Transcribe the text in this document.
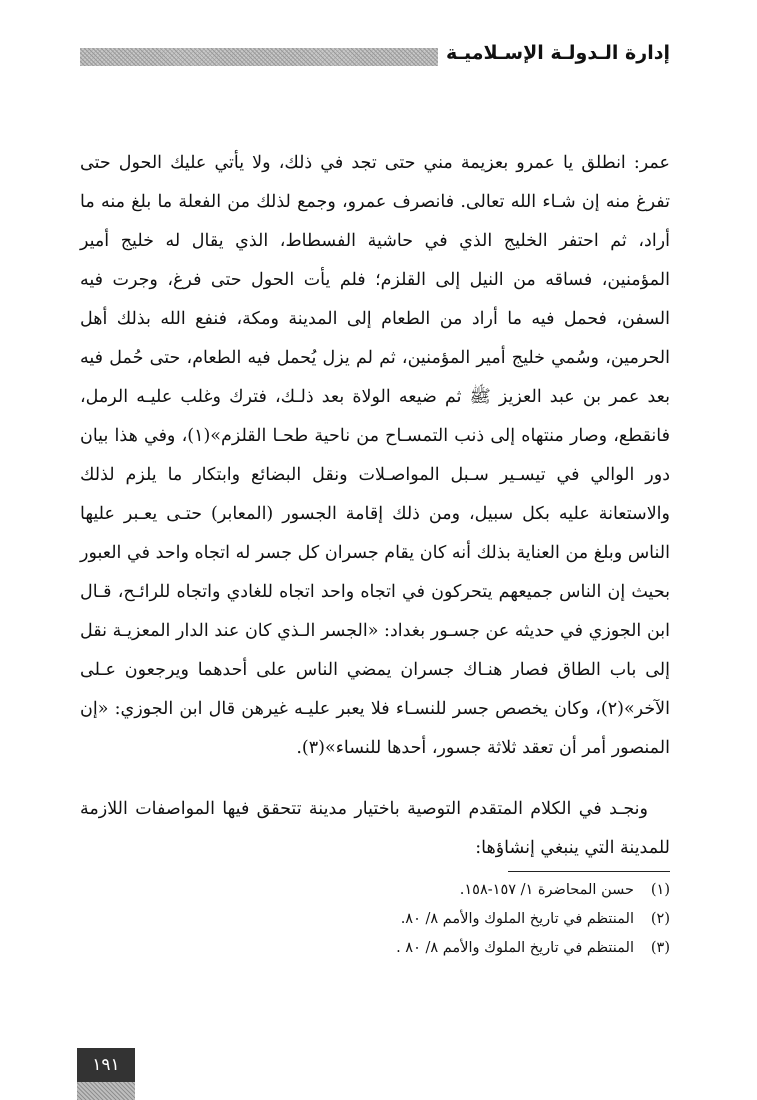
إدارة الـدولـة الإسـلاميـة

عمر: انطلق يا عمرو بعزيمة مني حتى تجد في ذلك، ولا يأتي عليك الحول حتى تفرغ منه إن شـاء الله تعالى. فانصرف عمرو، وجمع لذلك من الفعلة ما بلغ منه ما أراد، ثم احتفر الخليج الذي في حاشية الفسطاط، الذي يقال له خليج أمير المؤمنين، فساقه من النيل إلى القلزم؛ فلم يأت الحول حتى فرغ، وجرت فيه السفن، فحمل فيه ما أراد من الطعام إلى المدينة ومكة، فنفع الله بذلك أهل الحرمين، وسُمي خليج أمير المؤمنين، ثم لم يزل يُحمل فيه الطعام، حتى حُمل فيه بعد عمر بن عبد العزيز ﷺ ثم ضيعه الولاة بعد ذلـك، فترك وغلب عليـه الرمل، فانقطع، وصار منتهاه إلى ذنب التمسـاح من ناحية طحـا القلزم»(١)، وفي هذا بيان دور الوالي في تيسـير سـبل المواصـلات ونقل البضائع وابتكار ما يلزم لذلك والاستعانة عليه بكل سبيل، ومن ذلك إقامة الجسور (المعابر) حتـى يعـبر عليها الناس وبلغ من العناية بذلك أنه كان يقام جسران كل جسر له اتجاه واحد في العبور بحيث إن الناس جميعهم يتحركون في اتجاه واحد اتجاه للغادي واتجاه للرائـح، قـال ابن الجوزي في حديثه عن جسـور بغداد: «الجسر الـذي كان عند الدار المعزيـة نقل إلى باب الطاق فصار هنـاك جسران يمضي الناس على أحدهما ويرجعون عـلى الآخر»(٢)، وكان يخصص جسر للنسـاء فلا يعبر عليـه غيرهن قال ابن الجوزي: «إن المنصور أمر أن تعقد ثلاثة جسور، أحدها للنساء»(٣).

ونجـد في الكلام المتقدم التوصية باختيار مدينة تتحقق فيها المواصفات اللازمة للمدينة التي ينبغي إنشاؤها:

(١)
حسن المحاضرة ١/ ١٥٧-١٥٨.
(٢)
المنتظم في تاريخ الملوك والأمم ٨/ ٨٠.
(٣)
المنتظم في تاريخ الملوك والأمم ٨/ ٨٠ .
١٩١
